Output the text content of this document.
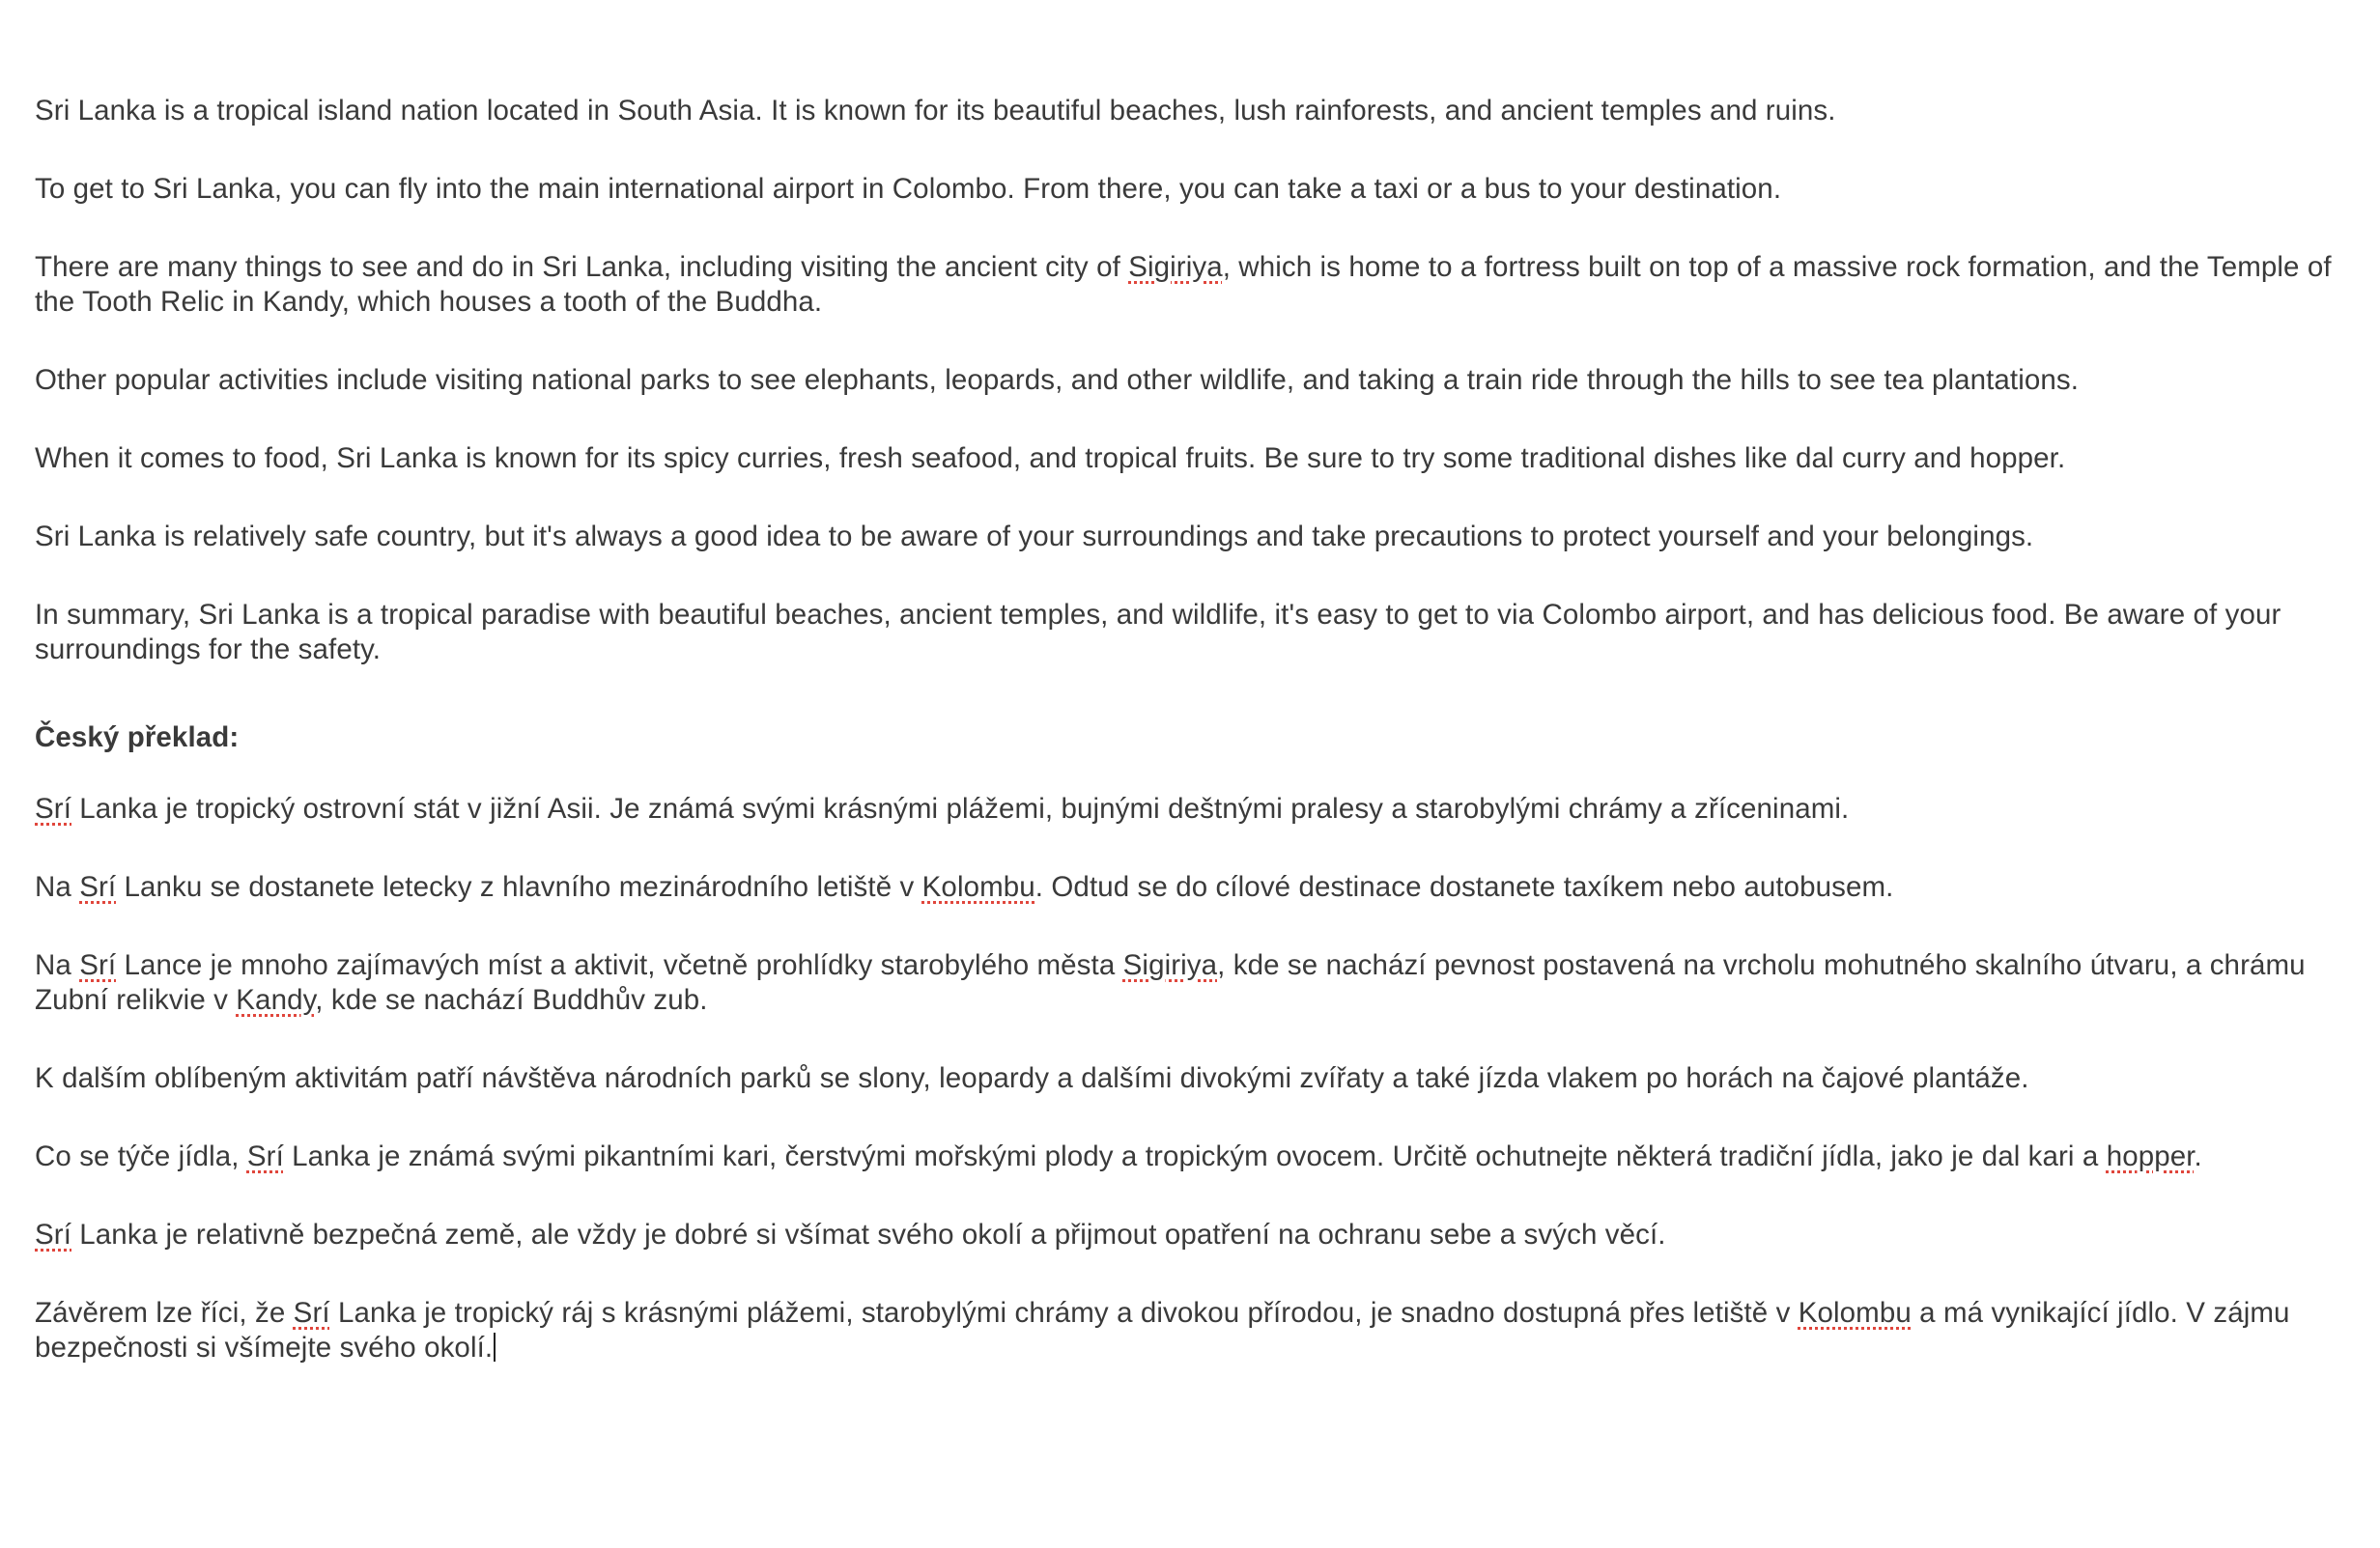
Sri Lanka is a tropical island nation located in South Asia. It is known for its beautiful beaches, lush rainforests, and ancient temples and ruins.

To get to Sri Lanka, you can fly into the main international airport in Colombo. From there, you can take a taxi or a bus to your destination.

There are many things to see and do in Sri Lanka, including visiting the ancient city of Sigiriya, which is home to a fortress built on top of a massive rock formation, and the Temple of the Tooth Relic in Kandy, which houses a tooth of the Buddha.

Other popular activities include visiting national parks to see elephants, leopards, and other wildlife, and taking a train ride through the hills to see tea plantations.

When it comes to food, Sri Lanka is known for its spicy curries, fresh seafood, and tropical fruits. Be sure to try some traditional dishes like dal curry and hopper.

Sri Lanka is relatively safe country, but it's always a good idea to be aware of your surroundings and take precautions to protect yourself and your belongings.

In summary, Sri Lanka is a tropical paradise with beautiful beaches, ancient temples, and wildlife, it's easy to get to via Colombo airport, and has delicious food. Be aware of your surroundings for the safety.

Český překlad:

Srí Lanka je tropický ostrovní stát v jižní Asii. Je známá svými krásnými plážemi, bujnými deštnými pralesy a starobylými chrámy a zříceninami.

Na Srí Lanku se dostanete letecky z hlavního mezinárodního letiště v Kolombu. Odtud se do cílové destinace dostanete taxíkem nebo autobusem.

Na Srí Lance je mnoho zajímavých míst a aktivit, včetně prohlídky starobylého města Sigiriya, kde se nachází pevnost postavená na vrcholu mohutného skalního útvaru, a chrámu Zubní relikvie v Kandy, kde se nachází Buddhův zub.

K dalším oblíbeným aktivitám patří návštěva národních parků se slony, leopardy a dalšími divokými zvířaty a také jízda vlakem po horách na čajové plantáže.

Co se týče jídla, Srí Lanka je známá svými pikantními kari, čerstvými mořskými plody a tropickým ovocem. Určitě ochutnejte některá tradiční jídla, jako je dal kari a hopper.

Srí Lanka je relativně bezpečná země, ale vždy je dobré si všímat svého okolí a přijmout opatření na ochranu sebe a svých věcí.

Závěrem lze říci, že Srí Lanka je tropický ráj s krásnými plážemi, starobylými chrámy a divokou přírodou, je snadno dostupná přes letiště v Kolombu a má vynikající jídlo. V zájmu bezpečnosti si všímejte svého okolí.
